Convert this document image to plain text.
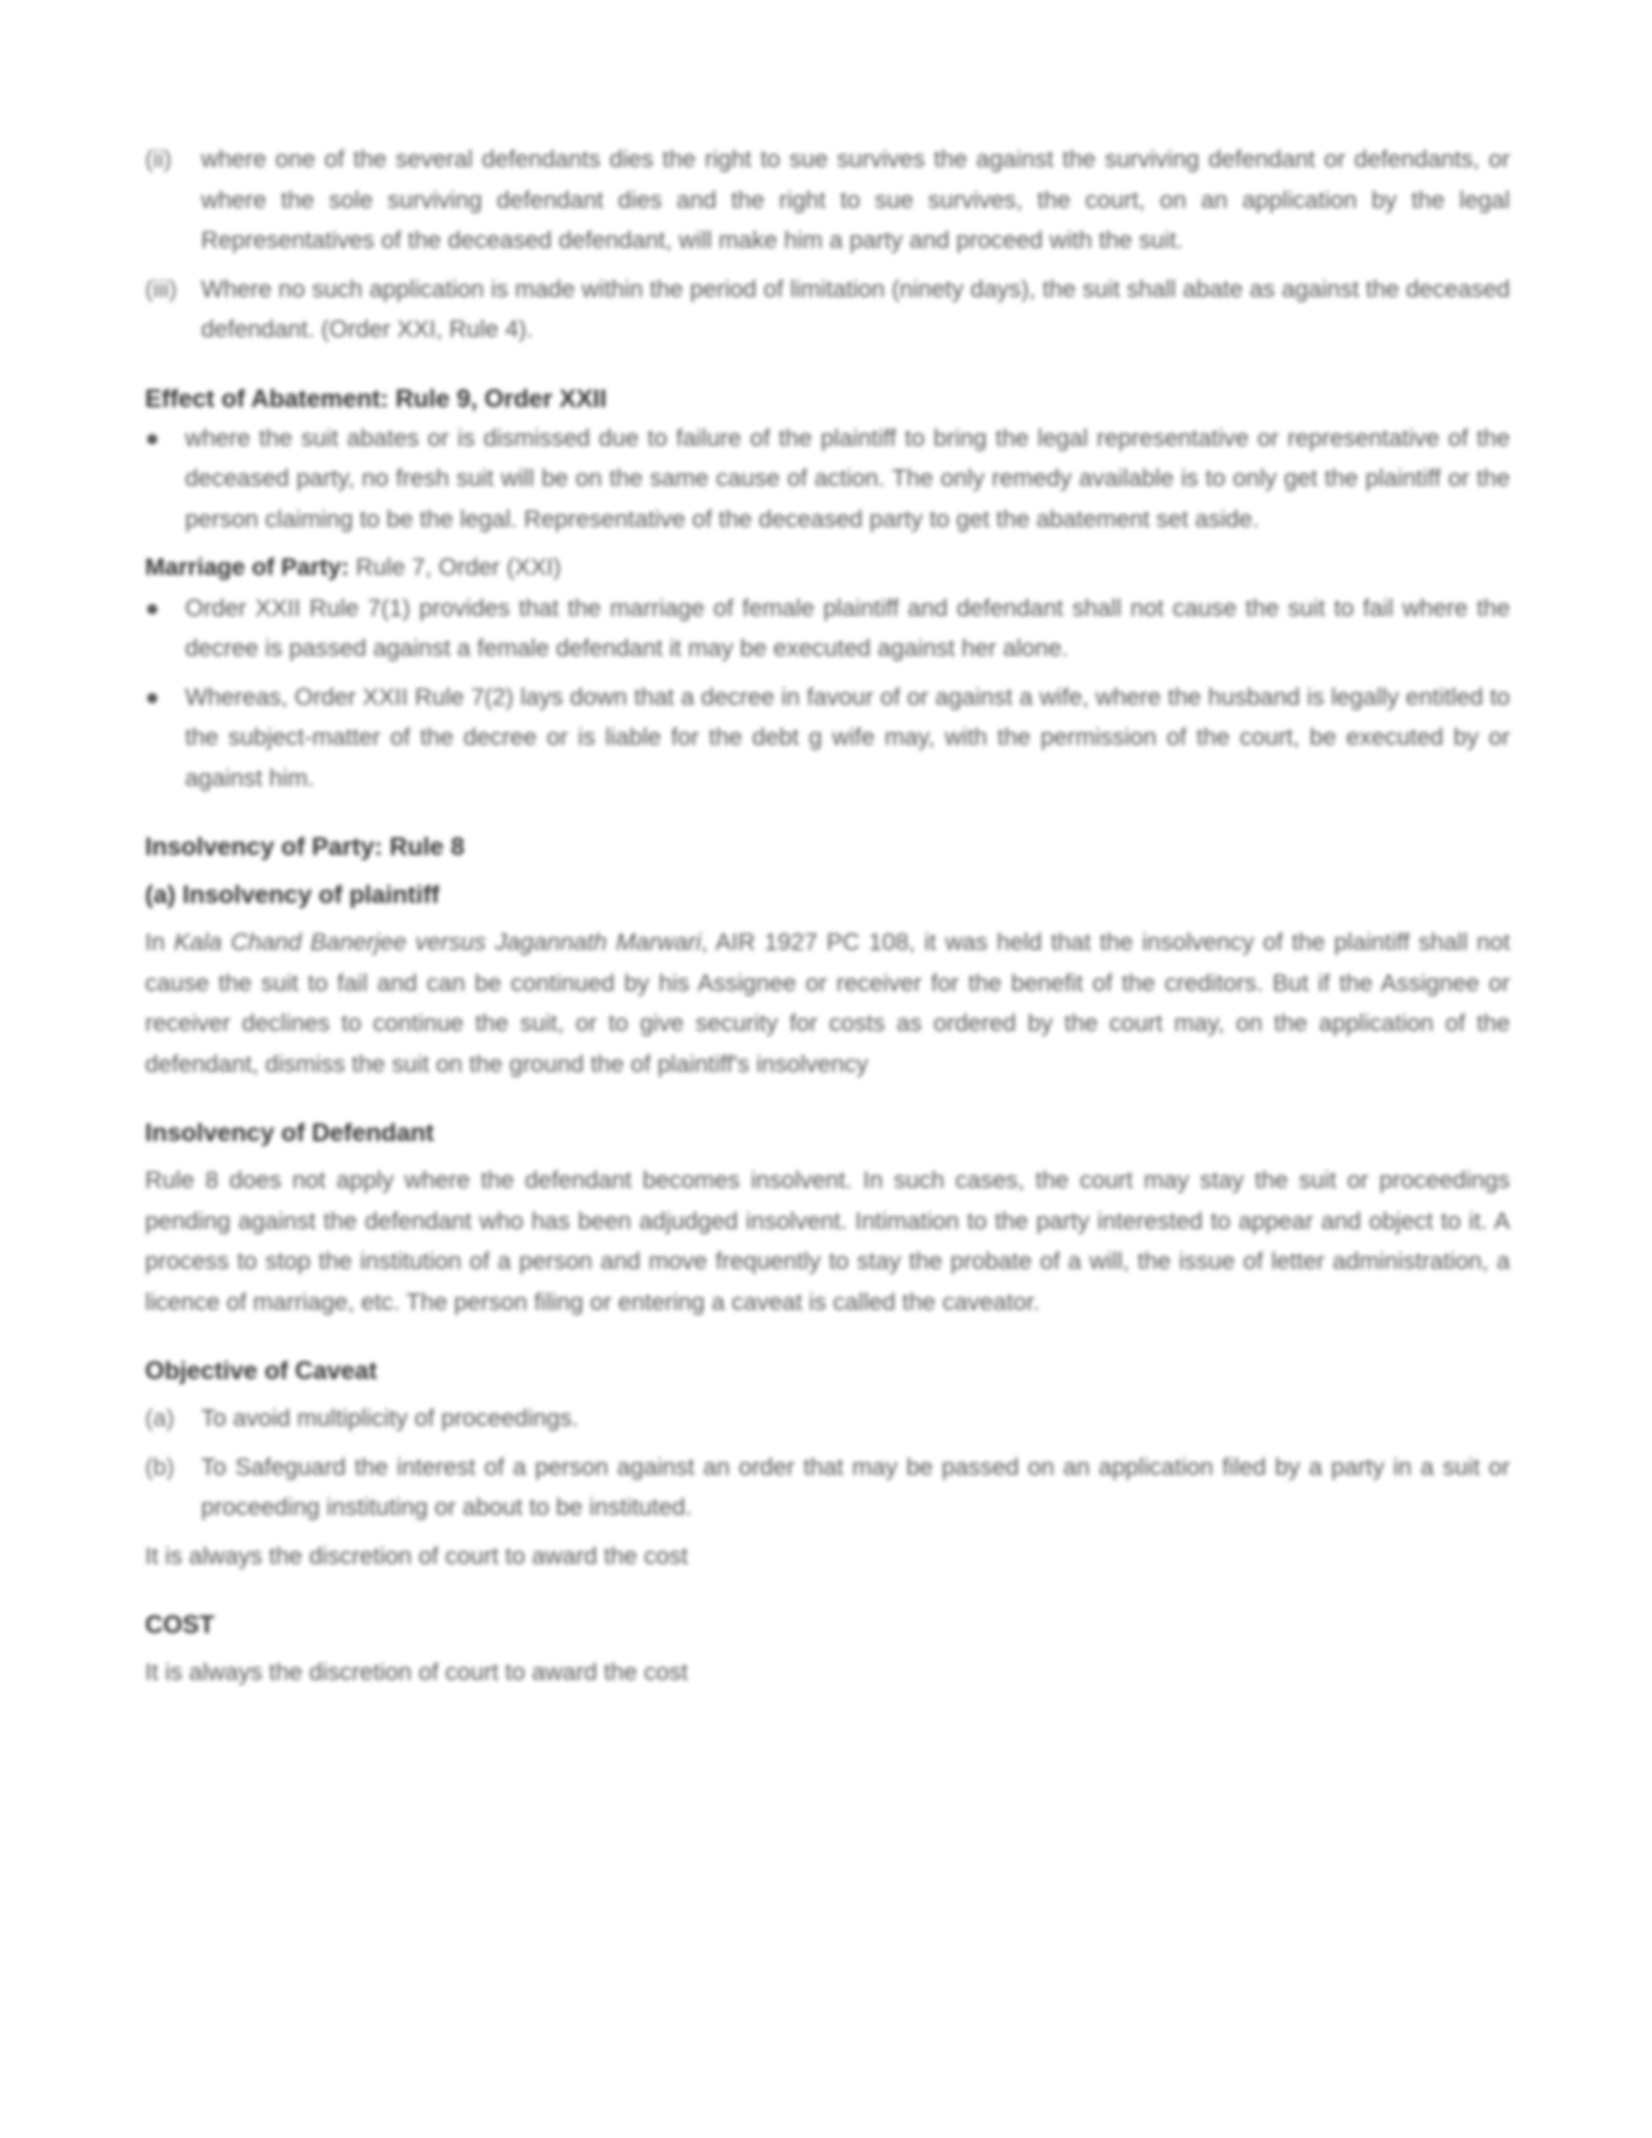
(ii)	where one of the several defendants dies the right to sue survives the against the surviving defendant or defendants, or where the sole surviving defendant dies and the right to sue survives, the court, on an application by the legal Representatives of the deceased defendant, will make him a party and proceed with the suit.
(iii)	Where no such application is made within the period of limitation (ninety days), the suit shall abate as against the deceased defendant. (Order XXI, Rule 4).
Effect of Abatement: Rule 9, Order XXII
●	where the suit abates or is dismissed due to failure of the plaintiff to bring the legal representative or representative of the deceased party, no fresh suit will be on the same cause of action. The only remedy available is to only get the plaintiff or the person claiming to be the legal. Representative of the deceased party to get the abatement set aside.

Marriage of Party: Rule 7, Order (XXI)

●	Order XXII Rule 7(1) provides that the marriage of female plaintiff and defendant shall not cause the suit to fail where the decree is passed against a female defendant it may be executed against her alone.
●	Whereas, Order XXII Rule 7(2) lays down that a decree in favour of or against a wife, where the husband is legally entitled to the subject-matter of the decree or is liable for the debt g wife may, with the permission of the court, be executed by or against him.
Insolvency of Party: Rule 8
(a) Insolvency of plaintiff

In Kala Chand Banerjee versus Jagannath Marwari, AIR 1927 PC 108, it was held that the insolvency of the plaintiff shall not cause the suit to fail and can be continued by his Assignee or receiver for the benefit of the creditors. But if the Assignee or receiver declines to continue the suit, or to give security for costs as ordered by the court may, on the application of the defendant, dismiss the suit on the ground the of plaintiff's insolvency

Insolvency of Defendant

Rule 8 does not apply where the defendant becomes insolvent. In such cases, the court may stay the suit or proceedings pending against the defendant who has been adjudged insolvent. Intimation to the party interested to appear and object to it. A process to stop the institution of a person and move frequently to stay the probate of a will, the issue of letter administration, a licence of marriage, etc. The person filing or entering a caveat is called the caveator.

Objective of Caveat
(a)	To avoid multiplicity of proceedings.
(b)	To Safeguard the interest of a person against an order that may be passed on an application filed by a party in a suit or proceeding instituting or about to be instituted.

It is always the discretion of court to award the cost

COST

It is always the discretion of court to award the cost
